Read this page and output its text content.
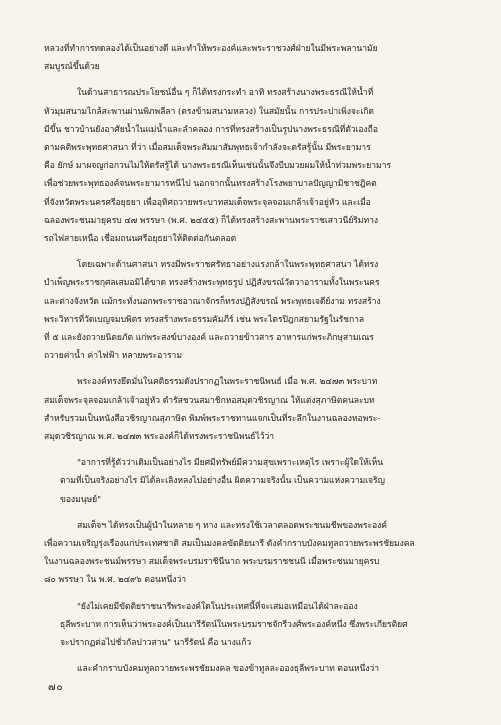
หลวงที่ทำการทดลองได้เป็นอย่างดี และทำให้พระองค์และพระราชวงศ์ฝ่ายในมีพระพลานามัย
สมบูรณ์ขึ้นด้วย
ในด้านสาธารณประโยชน์อื่น ๆ ก็ได้ทรงกระทำ อาทิ ทรงสร้างนางพระธรณีให้น้ำที่
หัวมุมสนามไกล้สะพานผ่านพิภพลีลา (ตรงข้ามสนามหลวง) ในสมัยนั้น การประปาเพิ่งจะเกิด
มีขึ้น ชาวบ้านยังอาศัยน้ำในแม่น้ำและลำคลอง การที่ทรงสร้างเป็นรูปนางพระธรณีที่ตัวเองถือ
ตามคติพระพุทธศาสนา ที่ว่า เมื่อสมเด็จพระสัมมาสัมพุทธเจ้ากำลังจะตรัสรู้นั้น มีพระยามาร
คือ ยักษ์ มาผจญก่อกวนไม่ให้ตรัสรู้ได้ นางพระธรณีเห็นเช่นนั้นจึงบีบมวยผมให้น้ำท่วมพระยามาร
เพื่อช่วยพระพุทธองค์จนพระยามารหนีไป นอกจากนั้นทรงสร้างโรงพยาบาลปัญญามิชาชฎิคต
ที่จังหวัดพระนครศรีอยุธยา เพื่ออุทิศถวายพระบาทสมเด็จพระจุลจอมเกล้าเจ้าอยู่หัว และเมื่อ
ฉลองพระชนมายุครบ ๔๗ พรรษา (พ.ศ. ๒๔๕๕) ก็ได้ทรงสร้างสะพานพระราชเสาวนีย์ริมทาง
รถไฟสายเหนือ เชื่อมถนนศรีอยุธยาให้ติดต่อกันตลอด
โดยเฉพาะด้านศาสนา ทรงมีพระราชศรัทธาอย่างแรงกล้าในพระพุทธศาสนา ได้ทรง
บำเพ็ญพระราชกุศลเสมอมิได้ขาด ทรงสร้างพระพุทธรูป ปฏิสังขรณ์วัดวาอารามทั้งในพระนคร
และต่างจังหวัด แม้กระทั่งนอกพระราชอาณาจักรก็ทรงปฏิสังขรณ์ พระพุทธเจดีย์งาม ทรงสร้าง
พระวิหารที่วัดเบญจมบพิตร ทรงสร้างพระธรรมคัมภีร์ เช่น พระไตรปิฎกสยามรัฐในรัชกาล
ที่ ๕ และยังถวายนิตยภัต แก่พระสงฆ์บางองค์ และถวายข้าวสาร อาหารแก่พระภิกษุสามเณร
ถวายค่าน้ำ ค่าไฟฟ้า หลายพระอาราม
พระองค์ทรงยึดมั่นในคติธรรมดังปรากฏในพระราชนิพนธ์ เมื่อ พ.ศ. ๒๔๗๓ พระบาท
สมเด็จพระจุลจอมเกล้าเจ้าอยู่หัว ดำรัสชวนสมาชิกหอสมุดวชิรญาณ ให้แต่งสุภาษิตคนละบท
สำหรับรวมเป็นหนังสือวชิรญาณสุภาษิต พิมพ์พระราชทานแจกเป็นที่ระลึกในงานฉลองหอพระ-
สมุดวชิรญาณ พ.ศ. ๒๔๗๓ พระองค์ก็ได้ทรงพระราชนิพนธ์ไว้ว่า
"อาการที่รู้ตัวว่าเดิมเป็นอย่างไร มียศมีทรัพย์มีความสุขเพราะเหตุไร เพราะผู้ใดให้เห็น
ตามที่เป็นจริงอย่างไร มิได้ละเลิงหลงไปอย่างอื่น ผิดความจริงนั้น เป็นความแห่งความเจริญ
ของมนุษย์"
สมเด็จฯ ได้ทรงเป็นผู้นำในหลาย ๆ ทาง และทรงใช้เวลาตลอดพระชนมชีพของพระองค์
เพื่อความเจริญรุ่งเรืองแก่ประเทศชาติ สมเป็นมงคลขัตติยนารี ดังคำกราบบังคมทูลถวายพระพรชัยมงคล
ในงานฉลองพระชนม์พรรษา สมเด็จพระบรมราชินีนาถ พระบรมราชชนนี เมื่อพระชนมายุครบ
๘๐ พรรษา ใน พ.ศ. ๒๔๙๖ ตอนหนึ่งว่า
"ยังไม่เคยมีขัตติยราชนารีพระองค์ใดในประเทศนี้ที่จะเสมอเหมือนได้ฝ่าละออง
ธุลีพระบาท การเห็นว่าพระองค์เป็นนารีรัตน์ในพระบรมราชจักรีวงศ์พระองค์หนึ่ง ซึ่งพระเกียรติยศ
จะปรากฏต่อไปชั่วกัลปาวสาน" นารีรัตน์ คือ นางแก้ว
และคำกราบบังคมทูลถวายพระพรชัยมงคล ของข้าทูลละอองธุลีพระบาท ตอนหนึ่งว่า
๗๐
